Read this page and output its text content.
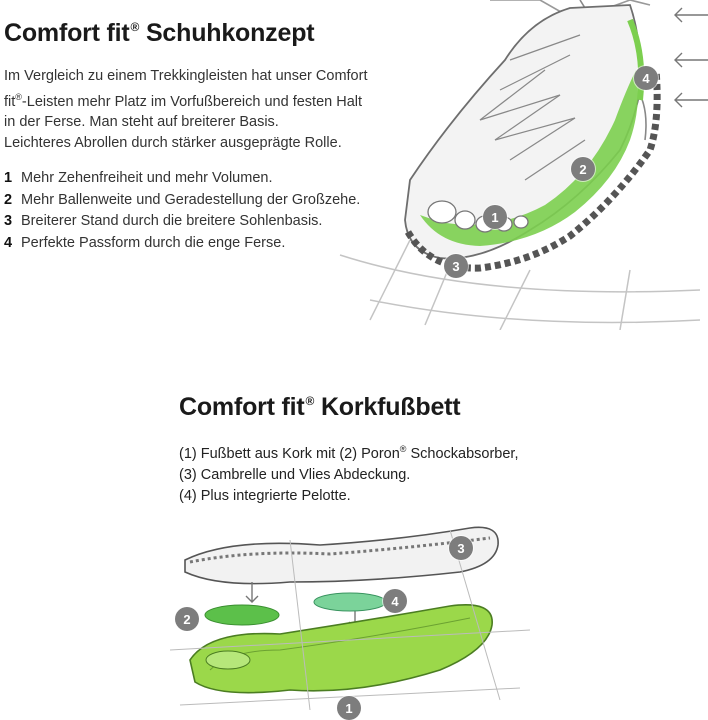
Comfort fit® Schuhkonzept

Im Vergleich zu einem Trekkingleisten hat unser Comfort

fit®-Leisten mehr Platz im Vorfußbereich und festen Halt

in der Ferse. Man steht auf breiterer Basis.

Leichteres Abrollen durch stärker ausgeprägte Rolle.

1 Mehr Zehenfreiheit und mehr Volumen.
2 Mehr Ballenweite und Geradestellung der Großzehe.
3 Breiterer Stand durch die breitere Sohlenbasis.
4 Perfekte Passform durch die enge Ferse.
1
2
3
4
Comfort fit® Korkfußbett

(1) Fußbett aus Kork mit (2) Poron® Schockabsorber,

(3) Cambrelle und Vlies Abdeckung.

(4) Plus integrierte Pelotte.

1
2
3
4
